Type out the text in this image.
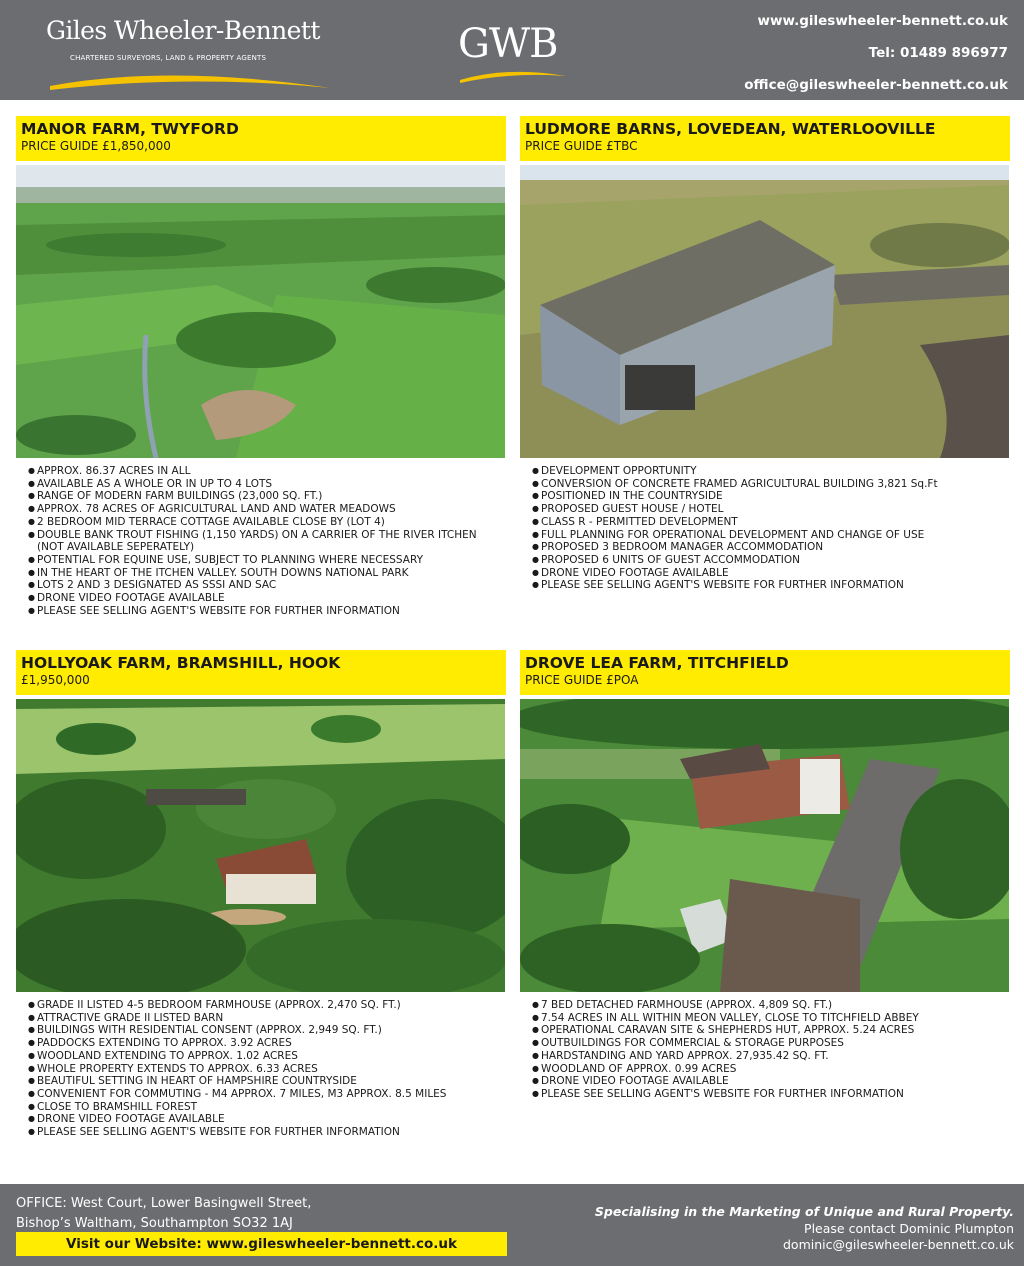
Giles Wheeler-Bennett
CHARTERED SURVEYORS, LAND & PROPERTY AGENTS	GWB	www.gileswheeler-bennett.co.uk
Tel: 01489 896977
office@gileswheeler-bennett.co.uk
MANOR FARM, TWYFORD
PRICE GUIDE £1,850,000
● APPROX. 86.37 ACRES IN ALL
● AVAILABLE AS A WHOLE OR IN UP TO 4 LOTS
● RANGE OF MODERN FARM BUILDINGS (23,000 SQ. FT.)
● APPROX. 78 ACRES OF AGRICULTURAL LAND AND WATER MEADOWS
● 2 BEDROOM MID TERRACE COTTAGE AVAILABLE CLOSE BY (LOT 4)
● DOUBLE BANK TROUT FISHING (1,150 YARDS) ON A CARRIER OF THE RIVER ITCHEN (NOT AVAILABLE SEPERATELY)
● POTENTIAL FOR EQUINE USE, SUBJECT TO PLANNING WHERE NECESSARY
● IN THE HEART OF THE ITCHEN VALLEY. SOUTH DOWNS NATIONAL PARK
● LOTS 2 AND 3 DESIGNATED AS SSSI AND SAC
● DRONE VIDEO FOOTAGE AVAILABLE
● PLEASE SEE SELLING AGENT'S WEBSITE FOR FURTHER INFORMATION
LUDMORE BARNS, LOVEDEAN, WATERLOOVILLE
PRICE GUIDE £TBC
● DEVELOPMENT OPPORTUNITY
● CONVERSION OF CONCRETE FRAMED AGRICULTURAL BUILDING 3,821 Sq.Ft
● POSITIONED IN THE COUNTRYSIDE
● PROPOSED GUEST HOUSE / HOTEL
● CLASS R - PERMITTED DEVELOPMENT
● FULL PLANNING FOR OPERATIONAL DEVELOPMENT AND CHANGE OF USE
● PROPOSED 3 BEDROOM MANAGER ACCOMMODATION
● PROPOSED 6 UNITS OF GUEST ACCOMMODATION
● DRONE VIDEO FOOTAGE AVAILABLE
● PLEASE SEE SELLING AGENT'S WEBSITE FOR FURTHER INFORMATION
HOLLYOAK FARM, BRAMSHILL, HOOK
£1,950,000
● GRADE II LISTED 4-5 BEDROOM FARMHOUSE (APPROX. 2,470 SQ. FT.)
● ATTRACTIVE GRADE II LISTED BARN
● BUILDINGS WITH RESIDENTIAL CONSENT (APPROX. 2,949 SQ. FT.)
● PADDOCKS EXTENDING TO APPROX. 3.92 ACRES
● WOODLAND EXTENDING TO APPROX. 1.02 ACRES
● WHOLE PROPERTY EXTENDS TO APPROX. 6.33 ACRES
● BEAUTIFUL SETTING IN HEART OF HAMPSHIRE COUNTRYSIDE
● CONVENIENT FOR COMMUTING - M4 APPROX. 7 MILES, M3 APPROX. 8.5 MILES
● CLOSE TO BRAMSHILL FOREST
● DRONE VIDEO FOOTAGE AVAILABLE
● PLEASE SEE SELLING AGENT'S WEBSITE FOR FURTHER INFORMATION
DROVE LEA FARM, TITCHFIELD
PRICE GUIDE £POA
● 7 BED DETACHED FARMHOUSE (APPROX. 4,809 SQ. FT.)
● 7.54 ACRES IN ALL WITHIN MEON VALLEY, CLOSE TO TITCHFIELD ABBEY
● OPERATIONAL CARAVAN SITE & SHEPHERDS HUT, APPROX. 5.24 ACRES
● OUTBUILDINGS FOR COMMERCIAL & STORAGE PURPOSES
● HARDSTANDING AND YARD APPROX. 27,935.42 SQ. FT.
● WOODLAND OF APPROX. 0.99 ACRES
● DRONE VIDEO FOOTAGE AVAILABLE
● PLEASE SEE SELLING AGENT'S WEBSITE FOR FURTHER INFORMATION
OFFICE: West Court, Lower Basingwell Street,
Bishop’s Waltham, Southampton SO32 1AJ
Visit our Website: www.gileswheeler-bennett.co.uk
Specialising in the Marketing of Unique and Rural Property.
Please contact Dominic Plumpton
dominic@gileswheeler-bennett.co.uk
